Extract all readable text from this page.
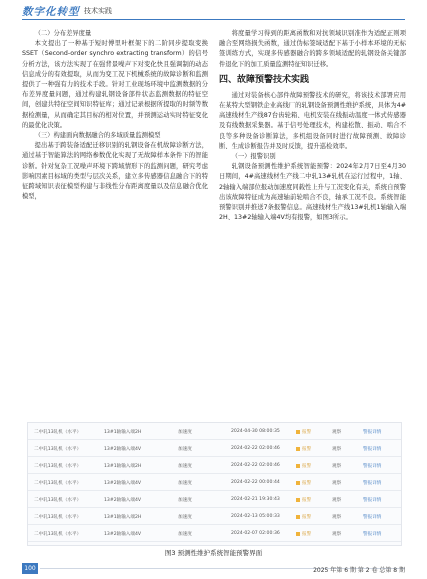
数字化转型 技术实践

（二）分布差异度量

本文提出了一种基于短时傅里叶框架下的二阶同步提取变换SSET（Second-order synchro extracting transform）的信号分析方法，该方法实现了在强背景噪声下对变化快且强调制的动态信息成分的有效提取，从而为变工况下机械系统的故障诊断和监测提供了一种强有力的技术手段。针对工业现场环境中监测数据的分布差异度量问题，通过构建轧钢设备部件状态监测数据的特征空间，创建共特征空间知识特征库；通过记录根据所提取的时频等数据检测量，从而确定其目标的相对位置，并预测运动实时特征变化的最优化决策。

（三）构建面向数据融合的多域质量监测模型

提出基于跨装备适配迁移识别的轧钢设备在机故障诊断方法，通过基于智能算法的网络参数优化实现了无故障样本条件下的智能诊断。针对复杂工况噪声环境下跨域情形下的监测问题，研究考虑影响因素目标域的类型与层次关系，建立多传感器信息融合下的特征跨域知识表征模型构建与非线性分布距离度量以及信息融合优化模型，

将度量学习得到的距离函数和对抗领域识别准作为适配正则项融合至网络损失函数，通过伪标签域适配下基于小样本环境的无标签训练方式，实现多传感器融合的跨多领域适配的轧钢设备关键部件退化下的加工质量监测特征知识迁移。

四、故障预警技术实践

通过对装备核心部件故障预警技术的研究，将该技术部署应用在某特大型钢铁企业高线厂的轧钢设备预测性维护系统，具体为4#高速线材生产线87台齿轮箱、电机安装在线振动温度一体式传感器及有线数据采集器。基于信号处理技术，构建松散、振动、啮合不良等多种设备诊断算法，多机组设备同时进行故障预测、故障诊断、生成诊断报告并及时反馈，提升巡检效率。

（一）报警识别

轧钢设备预测性维护系统智能预警：2024年2月7日至4月30日期间，4#高速线材生产线二中轧13#轧机在运行过程中，1轴、2轴输入端部位报动加速度同载性上升与工况变化有关，系统自预警出该故障特征成为高速轴前轮啮合不良，轴承工况不良。系统智能预警识别并推送7条报警信息。高速线材生产线13#轧机1轴输入端2H、13#2轴输入端4V均有报警，如图3所示。

二中轧13轧机（水平）	13#1轴输入端2H	加速度	2024-04-30 08:00:35	报警	观察	警报详情
二中轧13轧机（水平）	13#2轴输入端4V	加速度	2024-02-22 02:00:46	报警	观察	警报详情
二中轧13轧机（水平）	13#1轴输入端2H	加速度	2024-02-22 02:00:46	报警	观察	警报详情
二中轧13轧机（水平）	13#2轴输入端4V	加速度	2024-02-22 00:00:44	报警	观察	警报详情
二中轧13轧机（水平）	13#2轴输入端4V	加速度	2024-02-21 19:30:43	报警	观察	警报详情
二中轧13轧机（水平）	13#1轴输入端2H	加速度	2024-02-13 05:00:33	报警	观察	警报详情
二中轧13轧机（水平）	13#2轴输入端4V	加速度	2024-02-07 02:00:36	报警	观察	警报详情
图3 预测性维护系统智能预警界面
100	2025 年第 6 期 第 2 卷 总第 8 期
